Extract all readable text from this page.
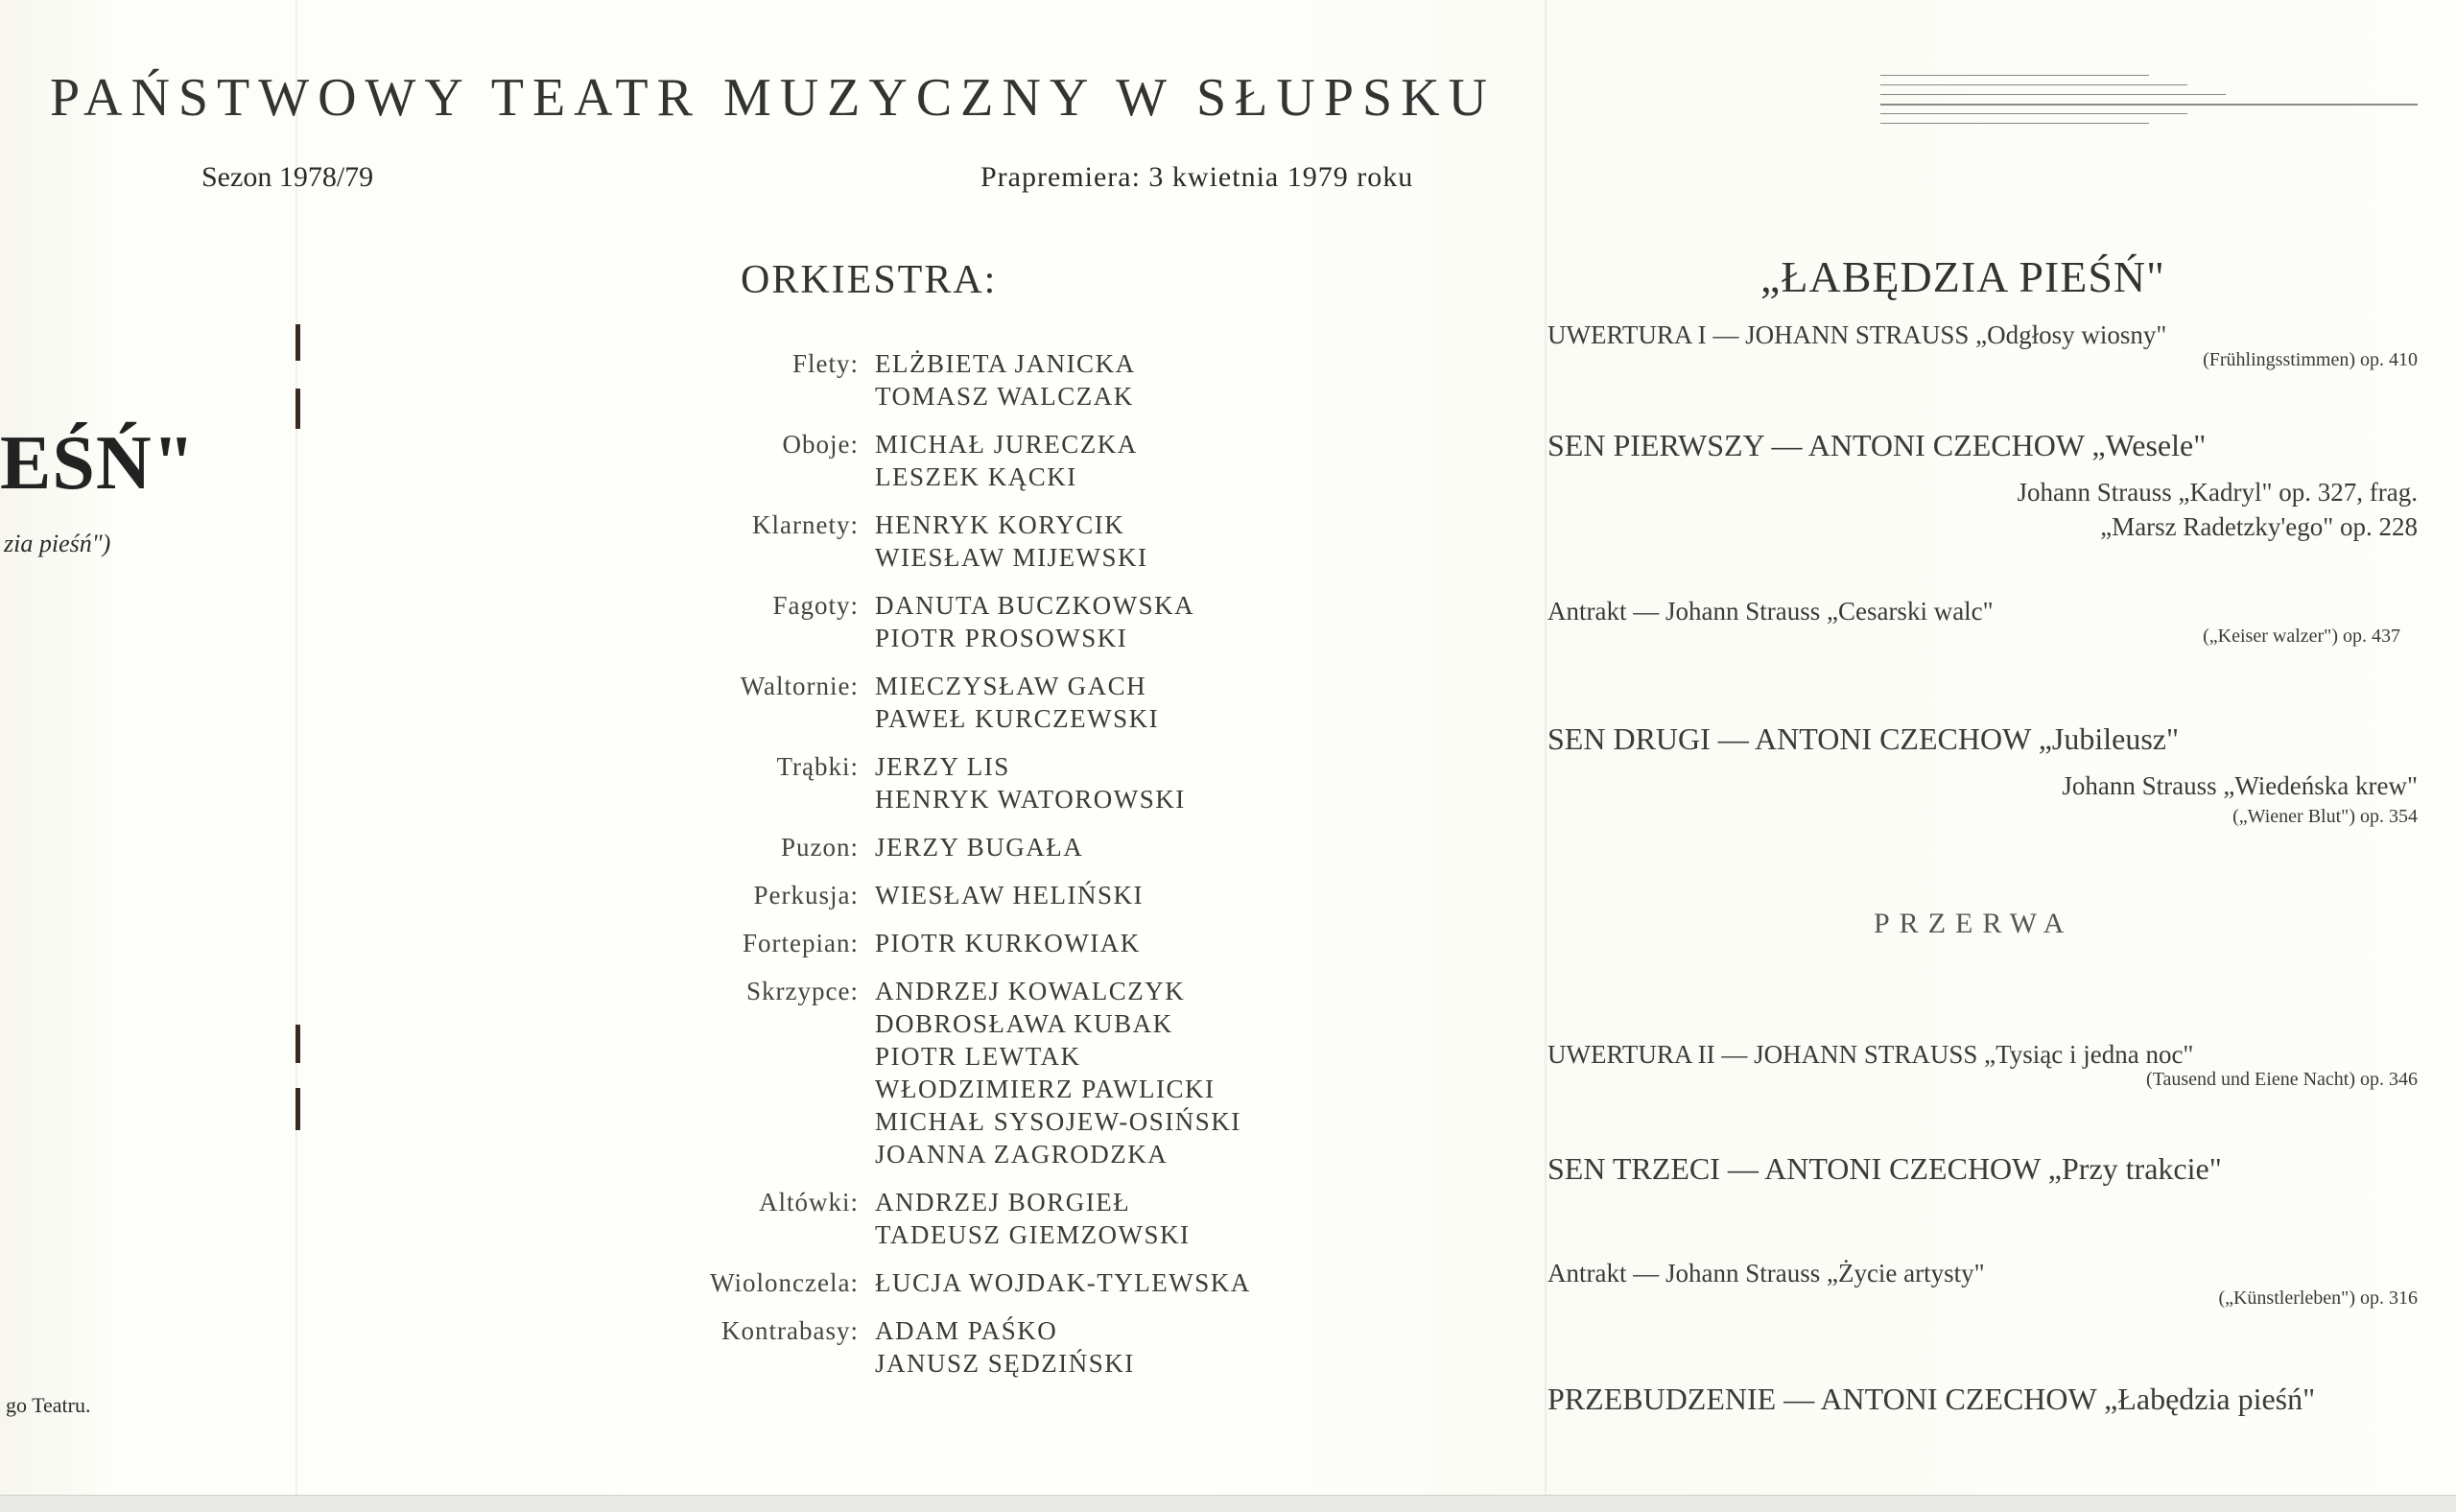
PAŃSTWOWY TEATR MUZYCZNY W SŁUPSKU
Sezon 1978/79	Prapremiera: 3 kwietnia 1979 roku
EŚŃ"
zia pieśń")
go Teatru.
ORKIESTRA:
Flety: ELŻBIETA JANICKA
TOMASZ WALCZAK
Oboje: MICHAŁ JURECZKA
LESZEK KĄCKI
Klarnety: HENRYK KORYCIK
WIESŁAW MIJEWSKI
Fagoty: DANUTA BUCZKOWSKA
PIOTR PROSOWSKI
Waltornie: MIECZYSŁAW GACH
PAWEŁ KURCZEWSKI
Trąbki: JERZY LIS
HENRYK WATOROWSKI
Puzon: JERZY BUGAŁA
Perkusja: WIESŁAW HELIŃSKI
Fortepian: PIOTR KURKOWIAK
Skrzypce: ANDRZEJ KOWALCZYK
DOBROSŁAWA KUBAK
PIOTR LEWTAK
WŁODZIMIERZ PAWLICKI
MICHAŁ SYSOJEW-OSIŃSKI
JOANNA ZAGRODZKA
Altówki: ANDRZEJ BORGIEŁ
TADEUSZ GIEMZOWSKI
Wiolonczela: ŁUCJA WOJDAK-TYLEWSKA
Kontrabasy: ADAM PAŚKO
JANUSZ SĘDZIŃSKI
„ŁABĘDZIA PIEŚŃ"
UWERTURA I — JOHANN STRAUSS „Odgłosy wiosny"
(Frühlingsstimmen) op. 410
SEN PIERWSZY — ANTONI CZECHOW „Wesele"
Johann Strauss „Kadryl" op. 327, frag.
„Marsz Radetzky'ego" op. 228
Antrakt — Johann Strauss „Cesarski walc"
(„Keiser walzer") op. 437
SEN DRUGI — ANTONI CZECHOW „Jubileusz"
Johann Strauss „Wiedeńska krew"
(„Wiener Blut") op. 354
PRZERWA
UWERTURA II — JOHANN STRAUSS „Tysiąc i jedna noc"
(Tausend und Eiene Nacht) op. 346
SEN TRZECI — ANTONI CZECHOW „Przy trakcie"
Antrakt — Johann Strauss „Życie artysty"
(„Künstlerleben") op. 316
PRZEBUDZENIE — ANTONI CZECHOW „Łabędzia pieśń"
